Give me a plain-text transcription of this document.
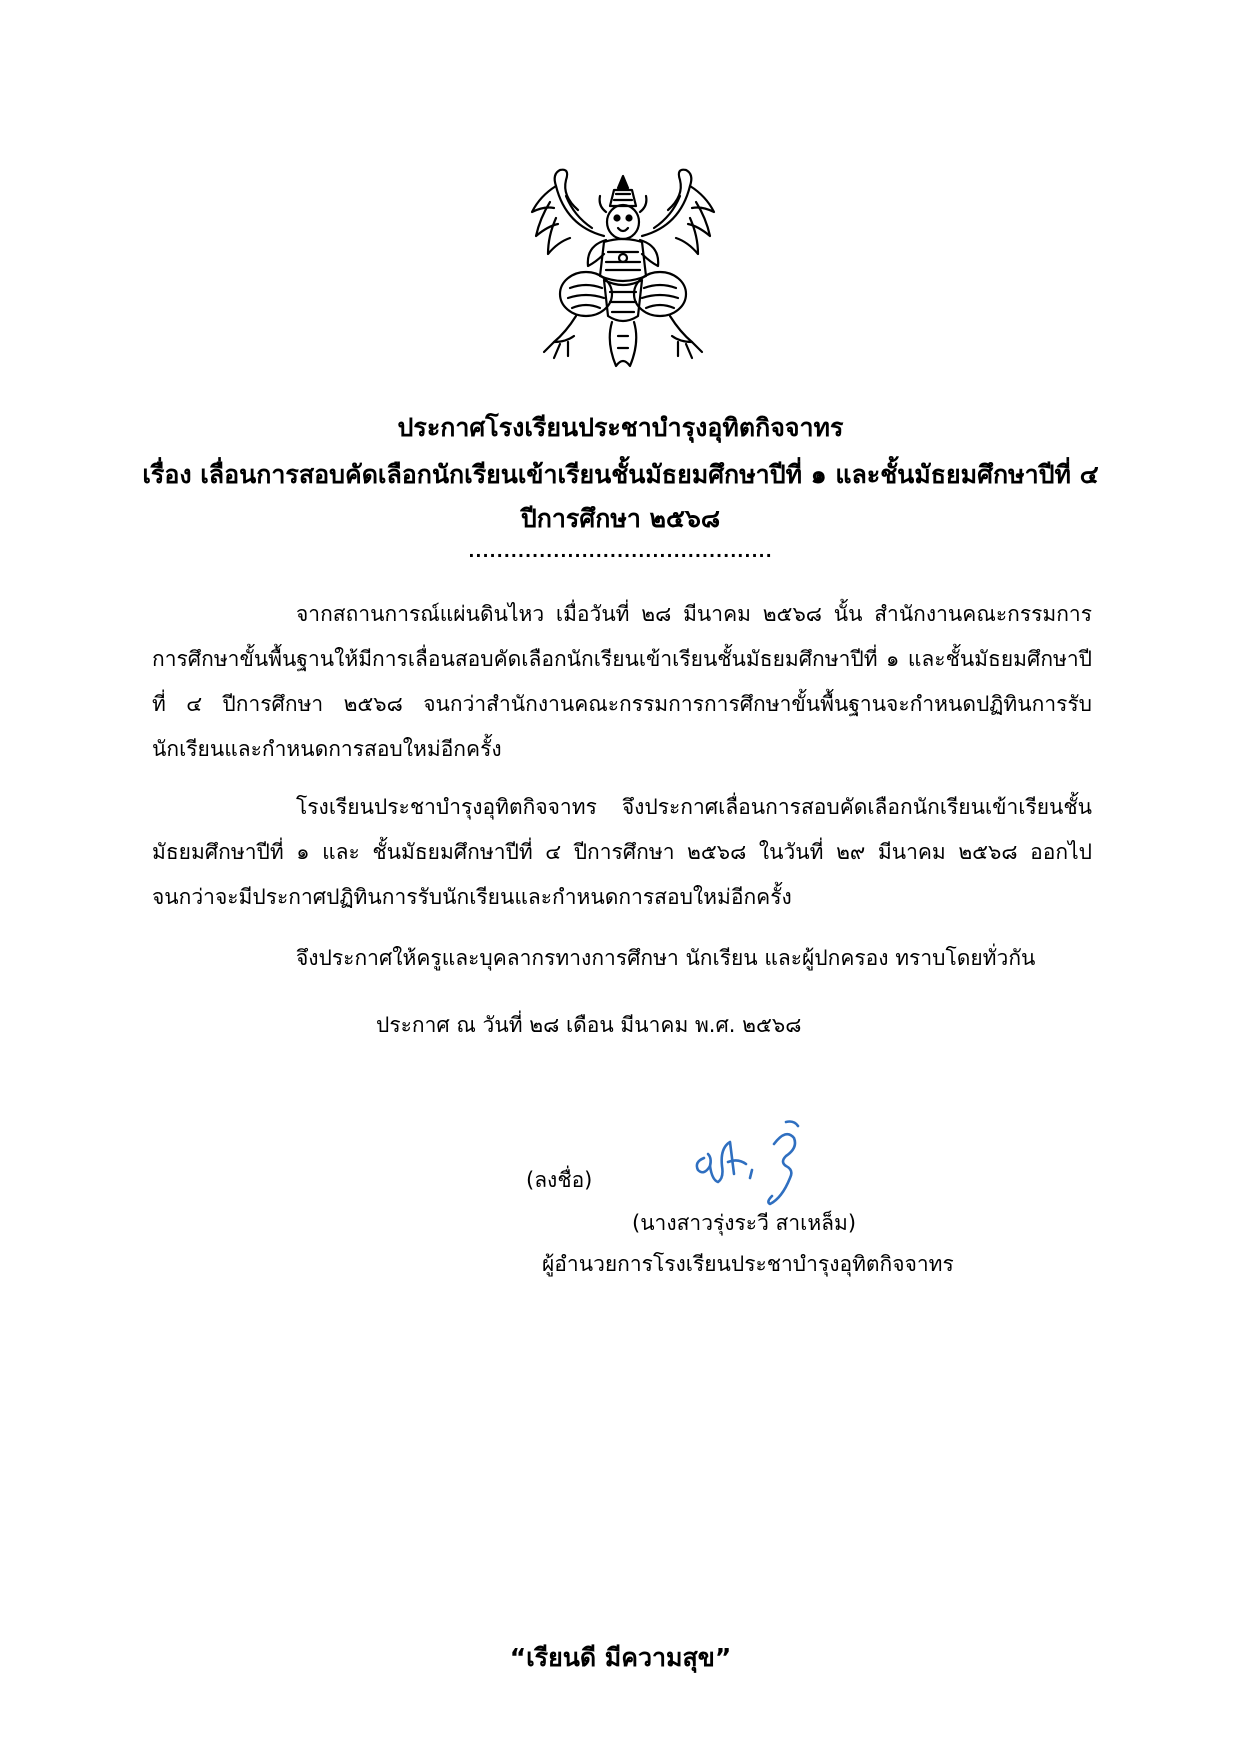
ประกาศโรงเรียนประชาบำรุงอุทิตกิจจาทร
เรื่อง เลื่อนการสอบคัดเลือกนักเรียนเข้าเรียนชั้นมัธยมศึกษาปีที่ ๑ และชั้นมัธยมศึกษาปีที่ ๔
ปีการศึกษา ๒๕๖๘
...........................................

จากสถานการณ์แผ่นดินไหว เมื่อวันที่ ๒๘ มีนาคม ๒๕๖๘ นั้น สำนักงานคณะกรรมการการศึกษาขั้นพื้นฐานให้มีการเลื่อนสอบคัดเลือกนักเรียนเข้าเรียนชั้นมัธยมศึกษาปีที่ ๑ และชั้นมัธยมศึกษาปีที่ ๔ ปีการศึกษา ๒๕๖๘ จนกว่าสำนักงานคณะกรรมการการศึกษาขั้นพื้นฐานจะกำหนดปฏิทินการรับนักเรียนและกำหนดการสอบใหม่อีกครั้ง

โรงเรียนประชาบำรุงอุทิตกิจจาทร จึงประกาศเลื่อนการสอบคัดเลือกนักเรียนเข้าเรียนชั้นมัธยมศึกษาปีที่ ๑ และ ชั้นมัธยมศึกษาปีที่ ๔ ปีการศึกษา ๒๕๖๘ ในวันที่ ๒๙ มีนาคม ๒๕๖๘ ออกไป จนกว่าจะมีประกาศปฏิทินการรับนักเรียนและกำหนดการสอบใหม่อีกครั้ง

จึงประกาศให้ครูและบุคลากรทางการศึกษา นักเรียน และผู้ปกครอง ทราบโดยทั่วกัน

ประกาศ ณ วันที่ ๒๘ เดือน มีนาคม พ.ศ. ๒๕๖๘
(ลงชื่อ)
(นางสาวรุ่งระวี สาเหล็ม)
ผู้อำนวยการโรงเรียนประชาบำรุงอุทิตกิจจาทร
“เรียนดี มีความสุข”
